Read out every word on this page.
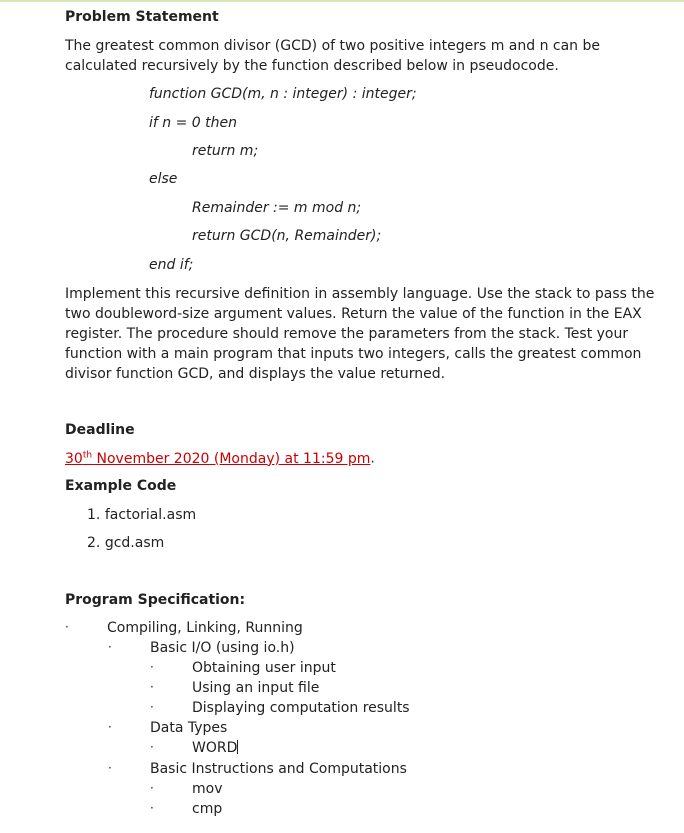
Problem Statement

The greatest common divisor (GCD) of two positive integers m and n can be calculated recursively by the function described below in pseudocode.

function GCD(m, n : integer) : integer;
if n = 0 then
return m;
else
Remainder := m mod n;
return GCD(n, Remainder);
end if;

Implement this recursive definition in assembly language. Use the stack to pass the two doubleword-size argument values. Return the value of the function in the EAX register. The procedure should remove the parameters from the stack. Test your function with a main program that inputs two integers, calls the greatest common divisor function GCD, and displays the value returned.

Deadline
30th November 2020 (Monday) at 11:59 pm.
Example Code
1. factorial.asm
2. gcd.asm
Program Specification:
·	Compiling, Linking, Running
·	Basic I/O (using io.h)
·	Obtaining user input
·	Using an input file
·	Displaying computation results
·	Data Types
·	WORD
·	Basic Instructions and Computations
·	mov
·	cmp
